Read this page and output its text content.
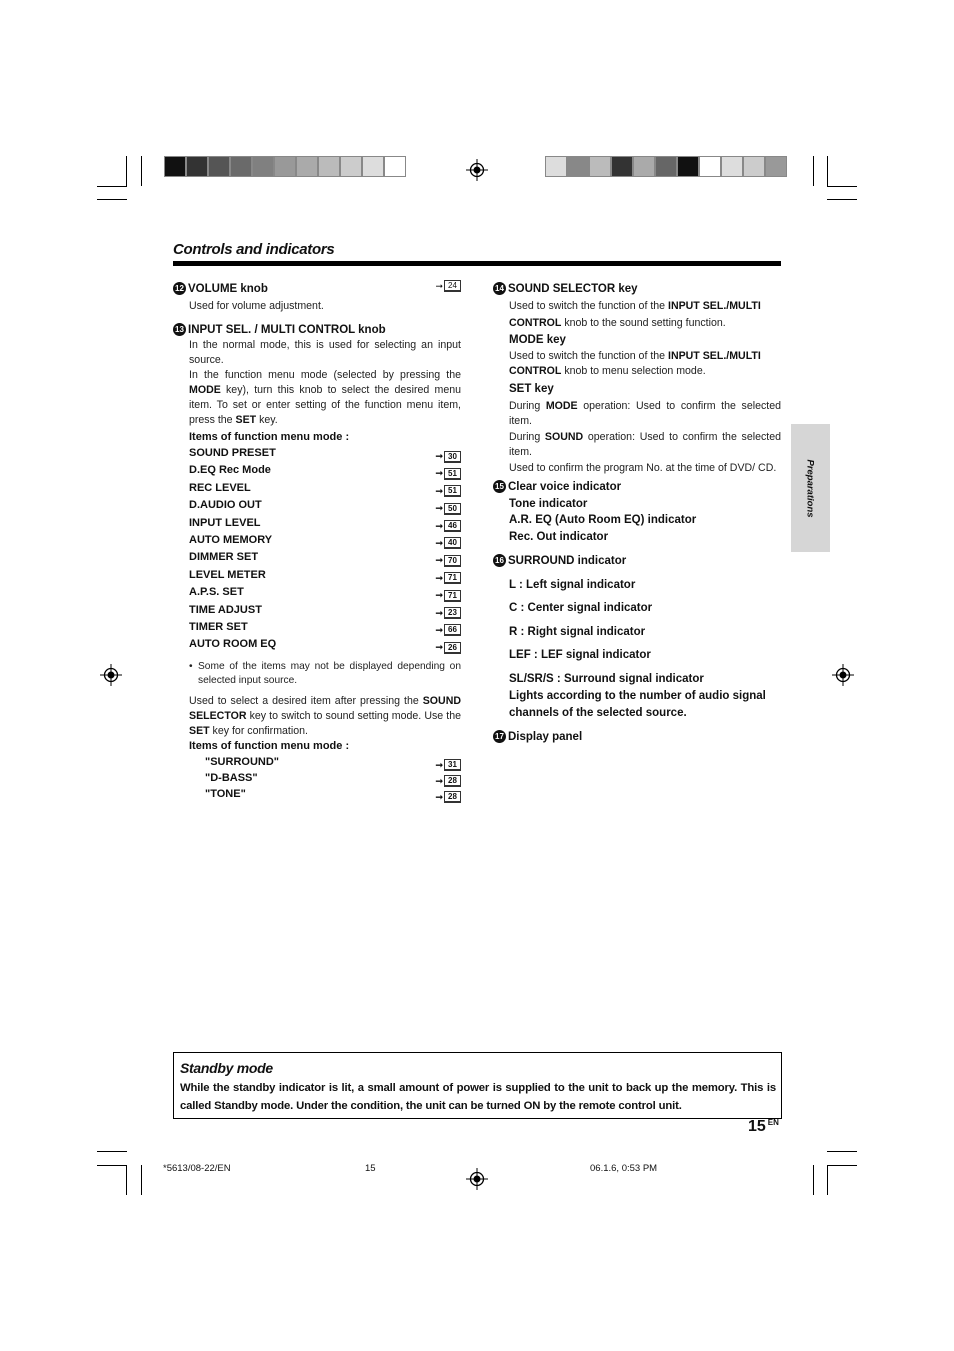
Controls and indicators
Preparations
12 VOLUME knob	➞ 24
Used for volume adjustment.
13 INPUT SEL. / MULTI CONTROL knob
In the normal mode, this is used for selecting an input source.
In the function menu mode (selected by pressing the MODE key), turn this knob to select the desired menu item. To set or enter setting of the function menu item, press the SET key.
Items of function menu mode :
SOUND PRESET	➞ 30
D.EQ Rec Mode	➞ 51
REC LEVEL	➞ 51
D.AUDIO OUT	➞ 50
INPUT LEVEL	➞ 46
AUTO MEMORY	➞ 40
DIMMER SET	➞ 70
LEVEL METER	➞ 71
A.P.S. SET	➞ 71
TIME ADJUST	➞ 23
TIMER SET	➞ 66
AUTO ROOM EQ	➞ 26
• Some of the items may not be displayed depending on selected input source.
Used to select a desired item after pressing the SOUND SELECTOR key to switch to sound setting mode. Use the SET key for confirmation.
Items of function menu mode :
"SURROUND"	➞ 31
"D-BASS"	➞ 28
"TONE"	➞ 28
14 SOUND SELECTOR key
Used to switch the function of the INPUT SEL./MULTI CONTROL knob to the sound setting function.
MODE key
Used to switch the function of the INPUT SEL./MULTI CONTROL knob to menu selection mode.
SET key
During MODE operation: Used to confirm the selected item.
During SOUND operation: Used to confirm the selected item.
Used to confirm the program No. at the time of DVD/ CD.
15 Clear voice indicator
Tone indicator
A.R. EQ (Auto Room EQ) indicator
Rec. Out indicator
16 SURROUND indicator
L : Left signal indicator
C : Center signal indicator
R : Right signal indicator
LEF : LEF signal indicator
SL/SR/S : Surround signal indicator
Lights according to the number of audio signal channels of the selected source.
17 Display panel
Standby mode
While the standby indicator is lit, a small amount of power is supplied to the unit to back up the memory. This is called Standby mode. Under the condition, the unit can be turned ON by the remote control unit.
15 $^{EN}$
*5613/08-22/EN	15	06.1.6, 0:53 PM
